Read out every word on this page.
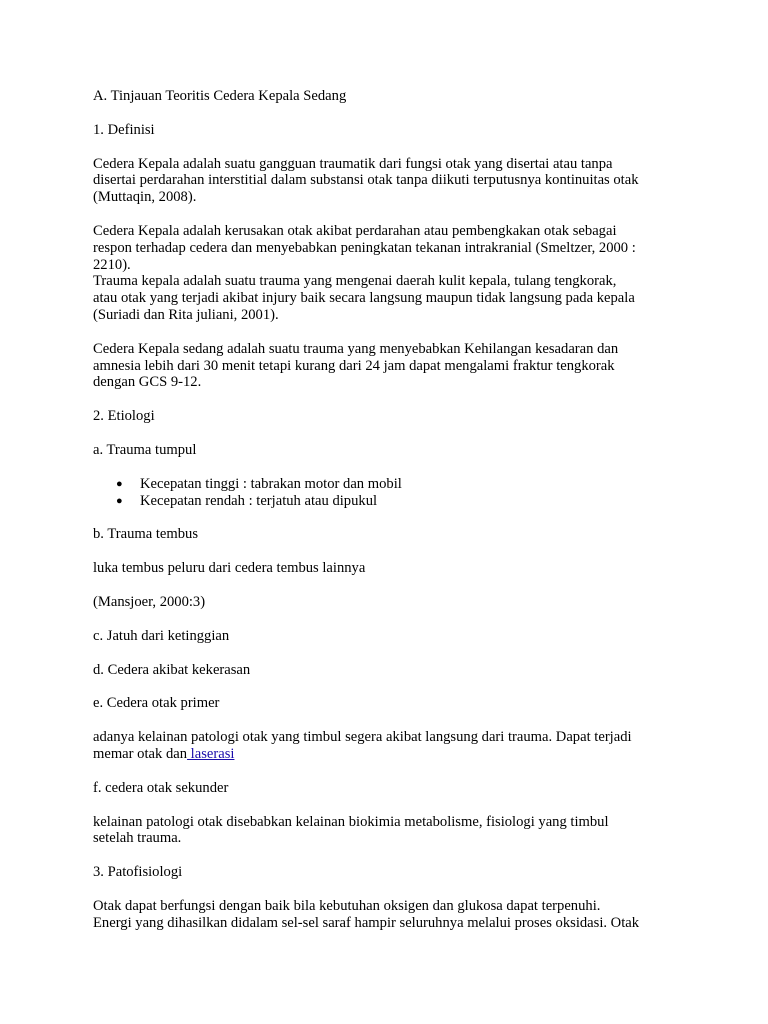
A. Tinjauan Teoritis Cedera Kepala Sedang

1. Definisi

Cedera Kepala adalah suatu gangguan traumatik dari fungsi otak yang disertai atau tanpa
disertai perdarahan interstitial dalam substansi otak tanpa diikuti terputusnya kontinuitas otak
(Muttaqin, 2008).

Cedera Kepala adalah kerusakan otak akibat perdarahan atau pembengkakan otak sebagai
respon terhadap cedera dan menyebabkan peningkatan tekanan intrakranial (Smeltzer, 2000 :
2210).

Trauma kepala adalah suatu trauma yang mengenai daerah kulit kepala, tulang tengkorak,
atau otak yang terjadi akibat injury baik secara langsung maupun tidak langsung pada kepala
(Suriadi dan Rita juliani, 2001).

Cedera Kepala sedang adalah suatu trauma yang menyebabkan Kehilangan kesadaran dan
amnesia lebih dari 30 menit tetapi kurang dari 24 jam dapat mengalami fraktur tengkorak
dengan GCS 9-12.

2. Etiologi

a. Trauma tumpul

● Kecepatan tinggi : tabrakan motor dan mobil
● Kecepatan rendah : terjatuh atau dipukul

b. Trauma tembus

luka tembus peluru dari cedera tembus lainnya

(Mansjoer, 2000:3)

c. Jatuh dari ketinggian

d. Cedera akibat kekerasan

e. Cedera otak primer

adanya kelainan patologi otak yang timbul segera akibat langsung dari trauma. Dapat terjadi
memar otak dan laserasi

f. cedera otak sekunder

kelainan patologi otak disebabkan kelainan biokimia metabolisme, fisiologi yang timbul
setelah trauma.

3. Patofisiologi

Otak dapat berfungsi dengan baik bila kebutuhan oksigen dan glukosa dapat terpenuhi.
Energi yang dihasilkan didalam sel-sel saraf hampir seluruhnya melalui proses oksidasi. Otak
